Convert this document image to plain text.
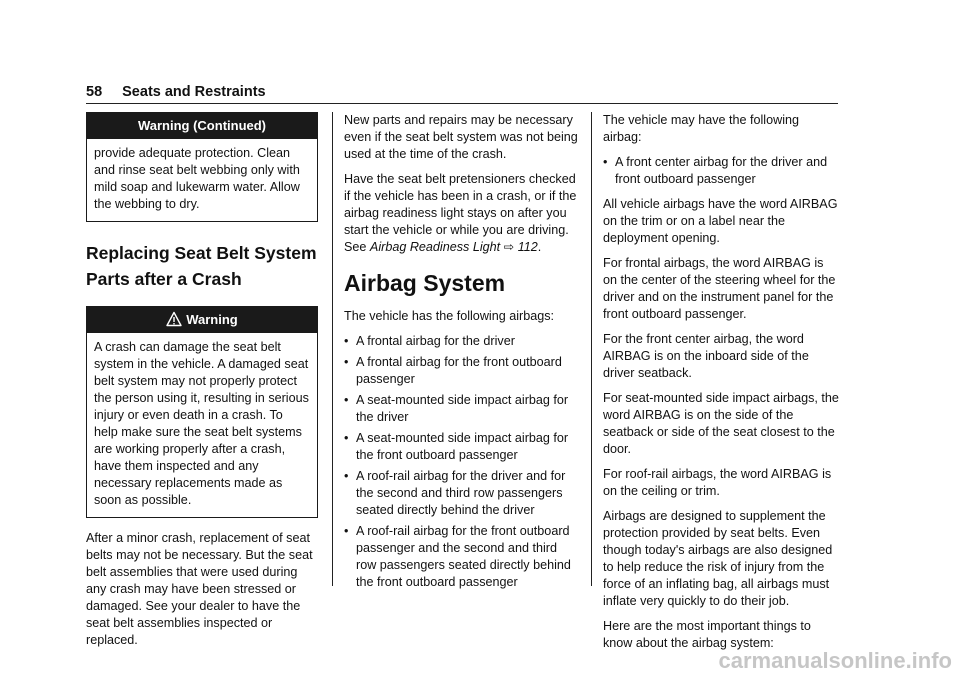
58 Seats and Restraints
Warning (Continued)
provide adequate protection. Clean and rinse seat belt webbing only with mild soap and lukewarm water. Allow the webbing to dry.
Replacing Seat Belt System Parts after a Crash
Warning
A crash can damage the seat belt system in the vehicle. A damaged seat belt system may not properly protect the person using it, resulting in serious injury or even death in a crash. To help make sure the seat belt systems are working properly after a crash, have them inspected and any necessary replacements made as soon as possible.

After a minor crash, replacement of seat belts may not be necessary. But the seat belt assemblies that were used during any crash may have been stressed or damaged. See your dealer to have the seat belt assemblies inspected or replaced.

New parts and repairs may be necessary even if the seat belt system was not being used at the time of the crash.

Have the seat belt pretensioners checked if the vehicle has been in a crash, or if the airbag readiness light stays on after you start the vehicle or while you are driving.
See Airbag Readiness Light ⇨ 112.

Airbag System

The vehicle has the following airbags:

• A frontal airbag for the driver
• A frontal airbag for the front outboard passenger
• A seat-mounted side impact airbag for the driver
• A seat-mounted side impact airbag for the front outboard passenger
• A roof-rail airbag for the driver and for the second and third row passengers seated directly behind the driver
• A roof-rail airbag for the front outboard passenger and the second and third row passengers seated directly behind the front outboard passenger

The vehicle may have the following airbag:

• A front center airbag for the driver and front outboard passenger

All vehicle airbags have the word AIRBAG on the trim or on a label near the deployment opening.

For frontal airbags, the word AIRBAG is on the center of the steering wheel for the driver and on the instrument panel for the front outboard passenger.

For the front center airbag, the word AIRBAG is on the inboard side of the driver seatback.

For seat-mounted side impact airbags, the word AIRBAG is on the side of the seatback or side of the seat closest to the door.

For roof-rail airbags, the word AIRBAG is on the ceiling or trim.

Airbags are designed to supplement the protection provided by seat belts. Even though today's airbags are also designed to help reduce the risk of injury from the force of an inflating bag, all airbags must inflate very quickly to do their job.

Here are the most important things to know about the airbag system:

carmanualsonline.info
